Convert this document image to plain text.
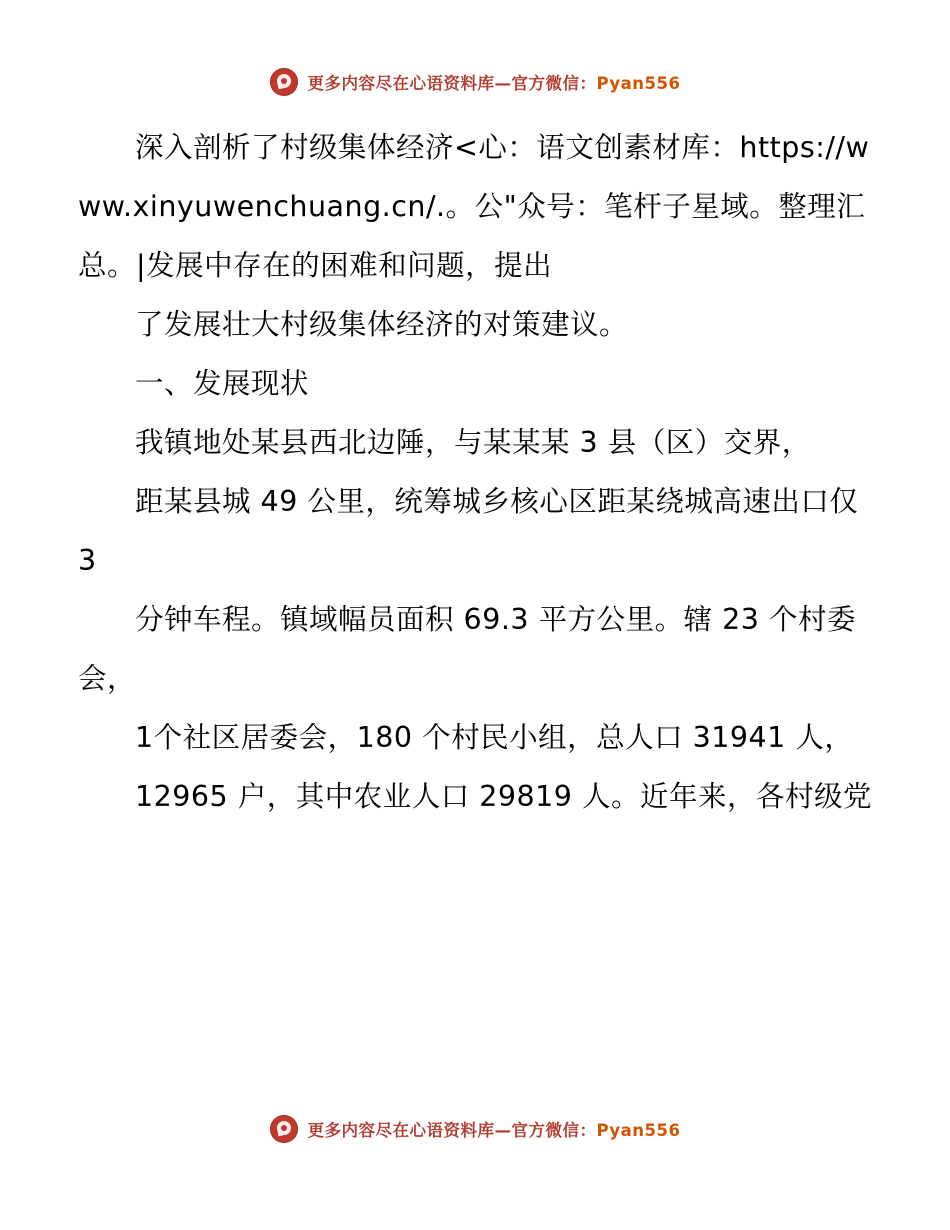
更多内容尽在心语资料库—官方微信：Pyan556

深入剖析了村级集体经济<心：语文创素材库：https://www.xinyuwenchuang.cn/.。公"众号：笔杆子星域。整理汇总。|发展中存在的困难和问题，提出

了发展壮大村级集体经济的对策建议。

一、发展现状

我镇地处某县西北边陲，与某某某 3 县（区）交界，

距某县城 49 公里，统筹城乡核心区距某绕城高速出口仅 3

分钟车程。镇域幅员面积 69.3 平方公里。辖 23 个村委会，

1个社区居委会，180 个村民小组，总人口 31941 人，

12965 户，其中农业人口 29819 人。近年来，各村级党

更多内容尽在心语资料库—官方微信：Pyan556
